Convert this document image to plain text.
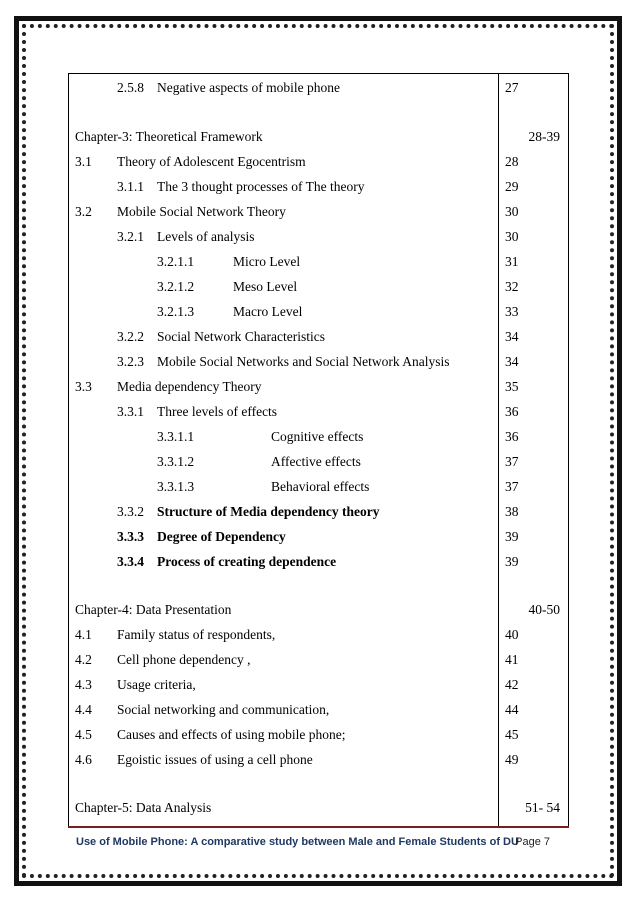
2.5.8 Negative aspects of mobile phone	27
Chapter-3: Theoretical Framework	28-39
3.1 Theory of Adolescent Egocentrism	28
3.1.1 The 3 thought processes of The theory	29
3.2 Mobile Social Network Theory	30
3.2.1 Levels of analysis	30
3.2.1.1	Micro Level	31
3.2.1.2	Meso Level	32
3.2.1.3	Macro Level	33
3.2.2 Social Network Characteristics	34
3.2.3 Mobile Social Networks and Social Network Analysis	34
3.3 Media dependency Theory	35
3.3.1 Three levels of effects	36
3.3.1.1	Cognitive effects	36
3.3.1.2	Affective effects	37
3.3.1.3	Behavioral effects	37
3.3.2 Structure of Media dependency theory	38
3.3.3 Degree of Dependency	39
3.3.4 Process of creating dependence	39
Chapter-4: Data Presentation	40-50
4.1 Family status of respondents,	40
4.2 Cell phone dependency ,	41
4.3 Usage criteria,	42
4.4 Social networking and communication,	44
4.5 Causes and effects of using mobile phone;	45
4.6 Egoistic issues of using a cell phone	49
Chapter-5: Data Analysis	51- 54
Use of Mobile Phone: A comparative study between Male and Female Students of DU
Page 7
